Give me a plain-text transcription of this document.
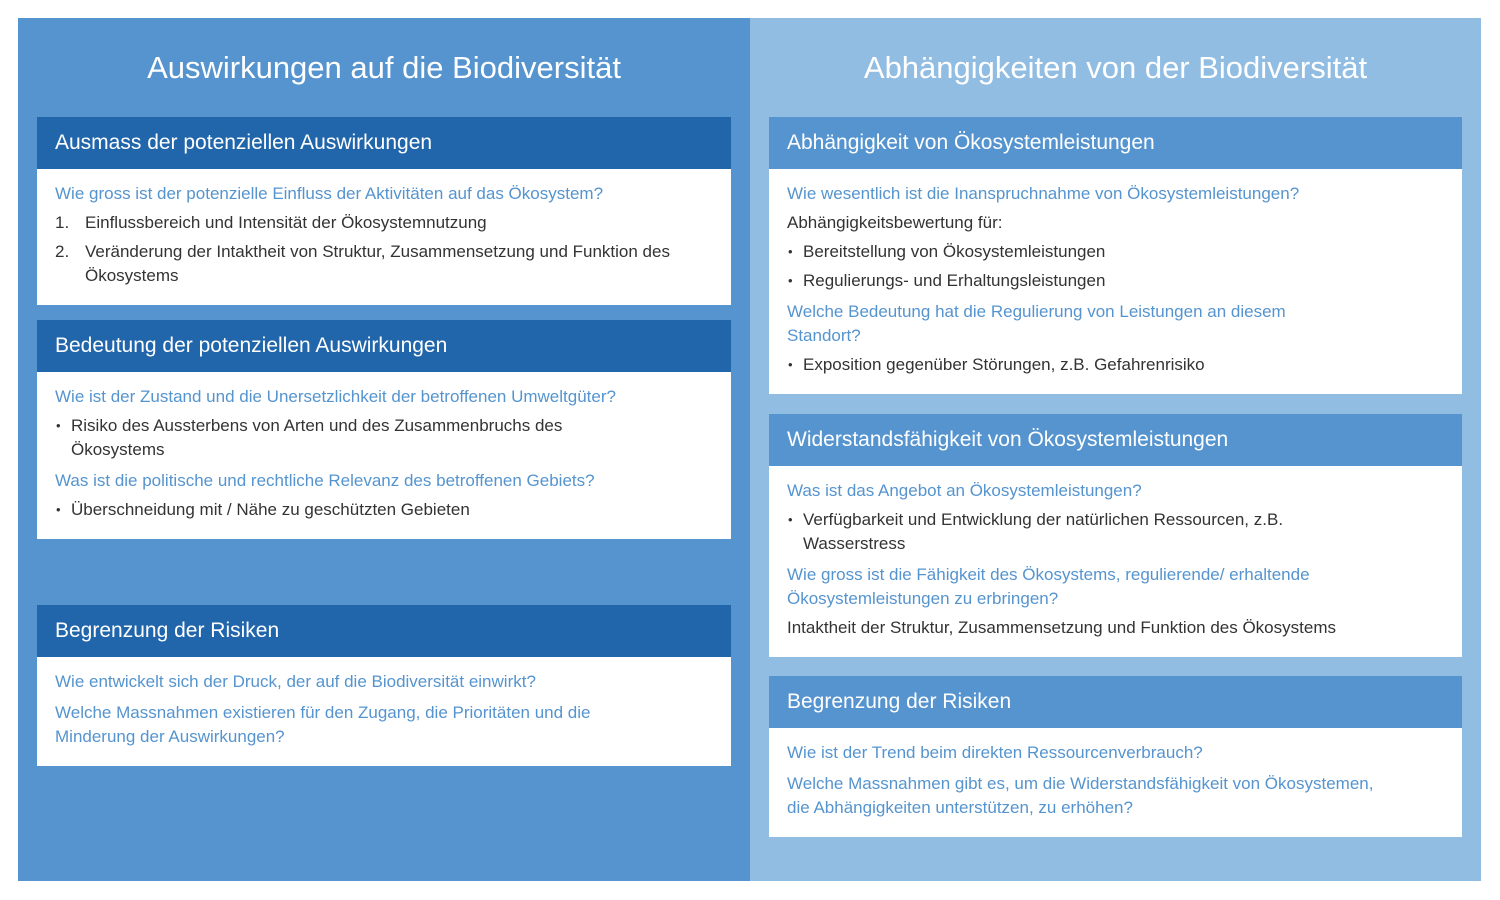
Auswirkungen auf die Biodiversität
Ausmass der potenziellen Auswirkungen

Wie gross ist der potenzielle Einfluss der Aktivitäten auf das Ökosystem?

1. Einflussbereich und Intensität der Ökosystemnutzung
2. Veränderung der Intaktheit von Struktur, Zusammensetzung und Funktion des Ökosystems
Bedeutung der potenziellen Auswirkungen

Wie ist der Zustand und die Unersetzlichkeit der betroffenen Umweltgüter?

• Risiko des Aussterbens von Arten und des Zusammenbruchs des Ökosystems

Was ist die politische und rechtliche Relevanz des betroffenen Gebiets?

• Überschneidung mit / Nähe zu geschützten Gebieten
Begrenzung der Risiken

Wie entwickelt sich der Druck, der auf die Biodiversität einwirkt?

Welche Massnahmen existieren für den Zugang, die Prioritäten und die Minderung der Auswirkungen?

Abhängigkeiten von der Biodiversität
Abhängigkeit von Ökosystemleistungen

Wie wesentlich ist die Inanspruchnahme von Ökosystemleistungen?

Abhängigkeitsbewertung für:

• Bereitstellung von Ökosystemleistungen
• Regulierungs- und Erhaltungsleistungen

Welche Bedeutung hat die Regulierung von Leistungen an diesem Standort?

• Exposition gegenüber Störungen, z.B. Gefahrenrisiko
Widerstandsfähigkeit von Ökosystemleistungen

Was ist das Angebot an Ökosystemleistungen?

• Verfügbarkeit und Entwicklung der natürlichen Ressourcen, z.B. Wasserstress

Wie gross ist die Fähigkeit des Ökosystems, regulierende/ erhaltende Ökosystemleistungen zu erbringen?

Intaktheit der Struktur, Zusammensetzung und Funktion des Ökosystems

Begrenzung der Risiken

Wie ist der Trend beim direkten Ressourcenverbrauch?

Welche Massnahmen gibt es, um die Widerstandsfähigkeit von Ökosystemen, die Abhängigkeiten unterstützen, zu erhöhen?
